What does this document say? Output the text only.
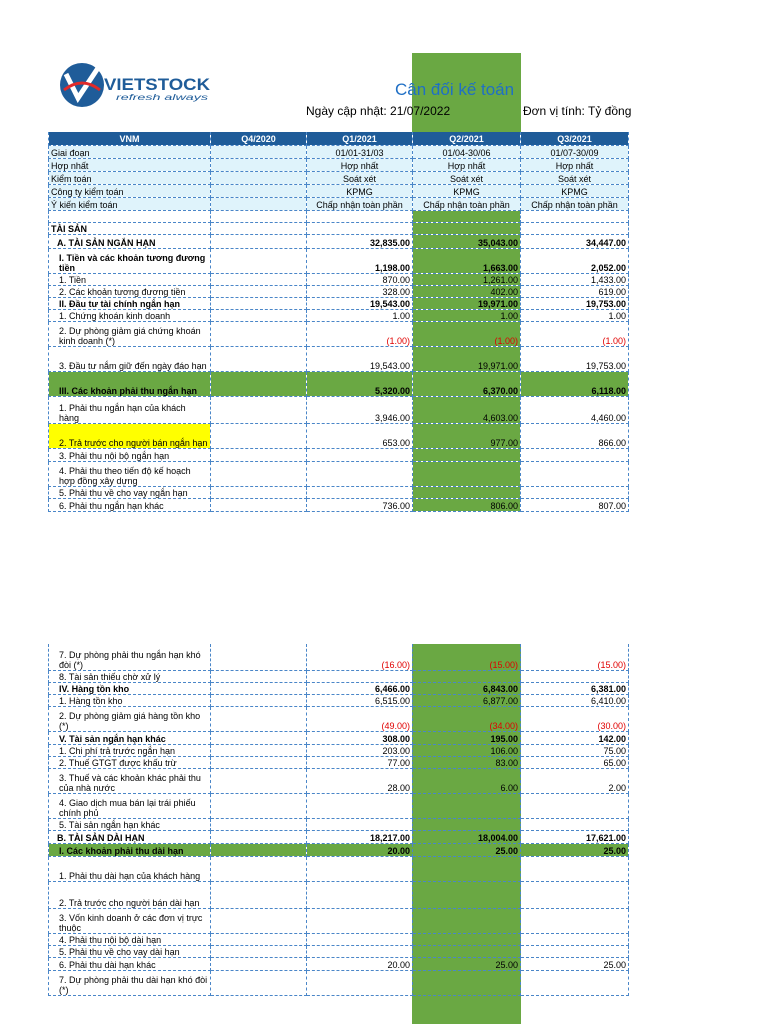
VIETSTOCK
refresh always	Cân đối kế toán
Ngày cập nhật: 21/07/2022	Đơn vị tính: Tỷ đồng
VNM	Q4/2020	Q1/2021	Q2/2021	Q3/2021
Giai đoạn		01/01-31/03	01/04-30/06	01/07-30/09
Hợp nhất		Hợp nhất	Hợp nhất	Hợp nhất
Kiểm toán		Soát xét	Soát xét	Soát xét
Công ty kiểm toán		KPMG	KPMG	KPMG
Ý kiến kiểm toán		Chấp nhận toàn phần	Chấp nhận toàn phần	Chấp nhận toàn phần

TÀI SẢN				
A. TÀI SẢN NGẮN HẠN		32,835.00	35,043.00	34,447.00
I. Tiền và các khoản tương đương tiền		1,198.00	1,663.00	2,052.00
1. Tiền		870.00	1,261.00	1,433.00
2. Các khoản tương đương tiền		328.00	402.00	619.00
II. Đầu tư tài chính ngắn hạn		19,543.00	19,971.00	19,753.00
1. Chứng khoán kinh doanh		1.00	1.00	1.00
2. Dự phòng giảm giá chứng khoán kinh doanh (*)		(1.00)	(1.00)	(1.00)
3. Đầu tư nắm giữ đến ngày đáo hạn		19,543.00	19,971.00	19,753.00
III. Các khoản phải thu ngắn hạn		5,320.00	6,370.00	6,118.00
1. Phải thu ngắn hạn của khách hàng		3,946.00	4,603.00	4,460.00
2. Trả trước cho người bán ngắn hạn		653.00	977.00	866.00
3. Phải thu nội bộ ngắn hạn				
4. Phải thu theo tiến độ kế hoạch hợp đồng xây dựng				
5. Phải thu về cho vay ngắn hạn				
6. Phải thu ngắn hạn khác		736.00	806.00	807.00
7. Dự phòng phải thu ngắn hạn khó đòi (*)		(16.00)	(15.00)	(15.00)
8. Tài sản thiếu chờ xử lý				
IV. Hàng tồn kho		6,466.00	6,843.00	6,381.00
1. Hàng tồn kho		6,515.00	6,877.00	6,410.00
2. Dự phòng giảm giá hàng tồn kho (*)		(49.00)	(34.00)	(30.00)
V. Tài sản ngắn hạn khác		308.00	195.00	142.00
1. Chi phí trả trước ngắn hạn		203.00	106.00	75.00
2. Thuế GTGT được khấu trừ		77.00	83.00	65.00
3. Thuế và các khoản khác phải thu của nhà nước		28.00	6.00	2.00
4. Giao dịch mua bán lại trái phiếu chính phủ				
5. Tài sản ngắn hạn khác				
B. TÀI SẢN DÀI HẠN		18,217.00	18,004.00	17,621.00
I. Các khoản phải thu dài hạn		20.00	25.00	25.00
1. Phải thu dài hạn của khách hàng				
2. Trả trước cho người bán dài hạn				
3. Vốn kinh doanh ở các đơn vị trực thuộc				
4. Phải thu nội bộ dài hạn				
5. Phải thu về cho vay dài hạn				
6. Phải thu dài hạn khác		20.00	25.00	25.00
7. Dự phòng phải thu dài hạn khó đòi (*)				
